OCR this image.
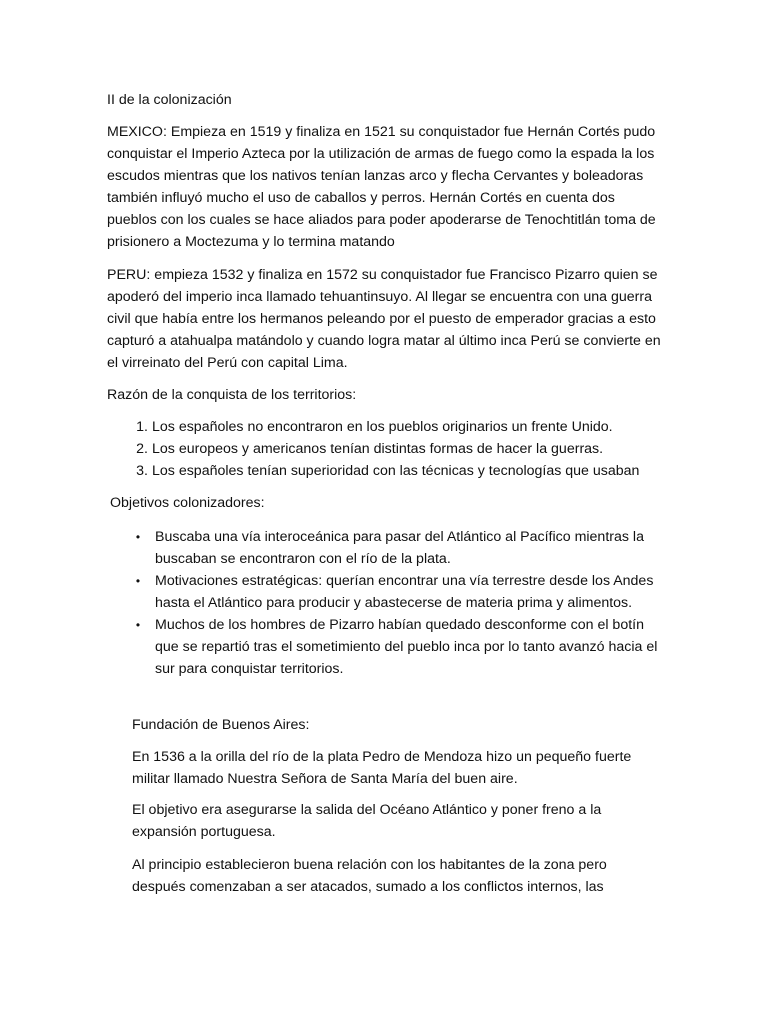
II de la colonización

MEXICO: Empieza en 1519 y finaliza en 1521 su conquistador fue Hernán Cortés pudo conquistar el Imperio Azteca por la utilización de armas de fuego como la espada la los escudos mientras que los nativos tenían lanzas arco y flecha Cervantes y boleadoras también influyó mucho el uso de caballos y perros. Hernán Cortés en cuenta dos pueblos con los cuales se hace aliados para poder apoderarse de Tenochtitlán toma de prisionero a Moctezuma y lo termina matando

PERU: empieza 1532 y finaliza en 1572 su conquistador fue Francisco Pizarro quien se apoderó del imperio inca llamado tehuantinsuyo. Al llegar se encuentra con una guerra civil que había entre los hermanos peleando por el puesto de emperador gracias a esto capturó a atahualpa matándolo y cuando logra matar al último inca Perú se convierte en el virreinato del Perú con capital Lima.

Razón de la conquista de los territorios:

1. Los españoles no encontraron en los pueblos originarios un frente Unido.
2. Los europeos y americanos tenían distintas formas de hacer la guerras.
3. Los españoles tenían superioridad con las técnicas y tecnologías que usaban

Objetivos colonizadores:

• Buscaba una vía interoceánica para pasar del Atlántico al Pacífico mientras la buscaban se encontraron con el río de la plata.
• Motivaciones estratégicas: querían encontrar una vía terrestre desde los Andes hasta el Atlántico para producir y abastecerse de materia prima y alimentos.
• Muchos de los hombres de Pizarro habían quedado desconforme con el botín que se repartió tras el sometimiento del pueblo inca por lo tanto avanzó hacia el sur para conquistar territorios.

Fundación de Buenos Aires:

En 1536 a la orilla del río de la plata Pedro de Mendoza hizo un pequeño fuerte militar llamado Nuestra Señora de Santa María del buen aire.

El objetivo era asegurarse la salida del Océano Atlántico y poner freno a la expansión portuguesa.

Al principio establecieron buena relación con los habitantes de la zona pero después comenzaban a ser atacados, sumado a los conflictos internos, las
